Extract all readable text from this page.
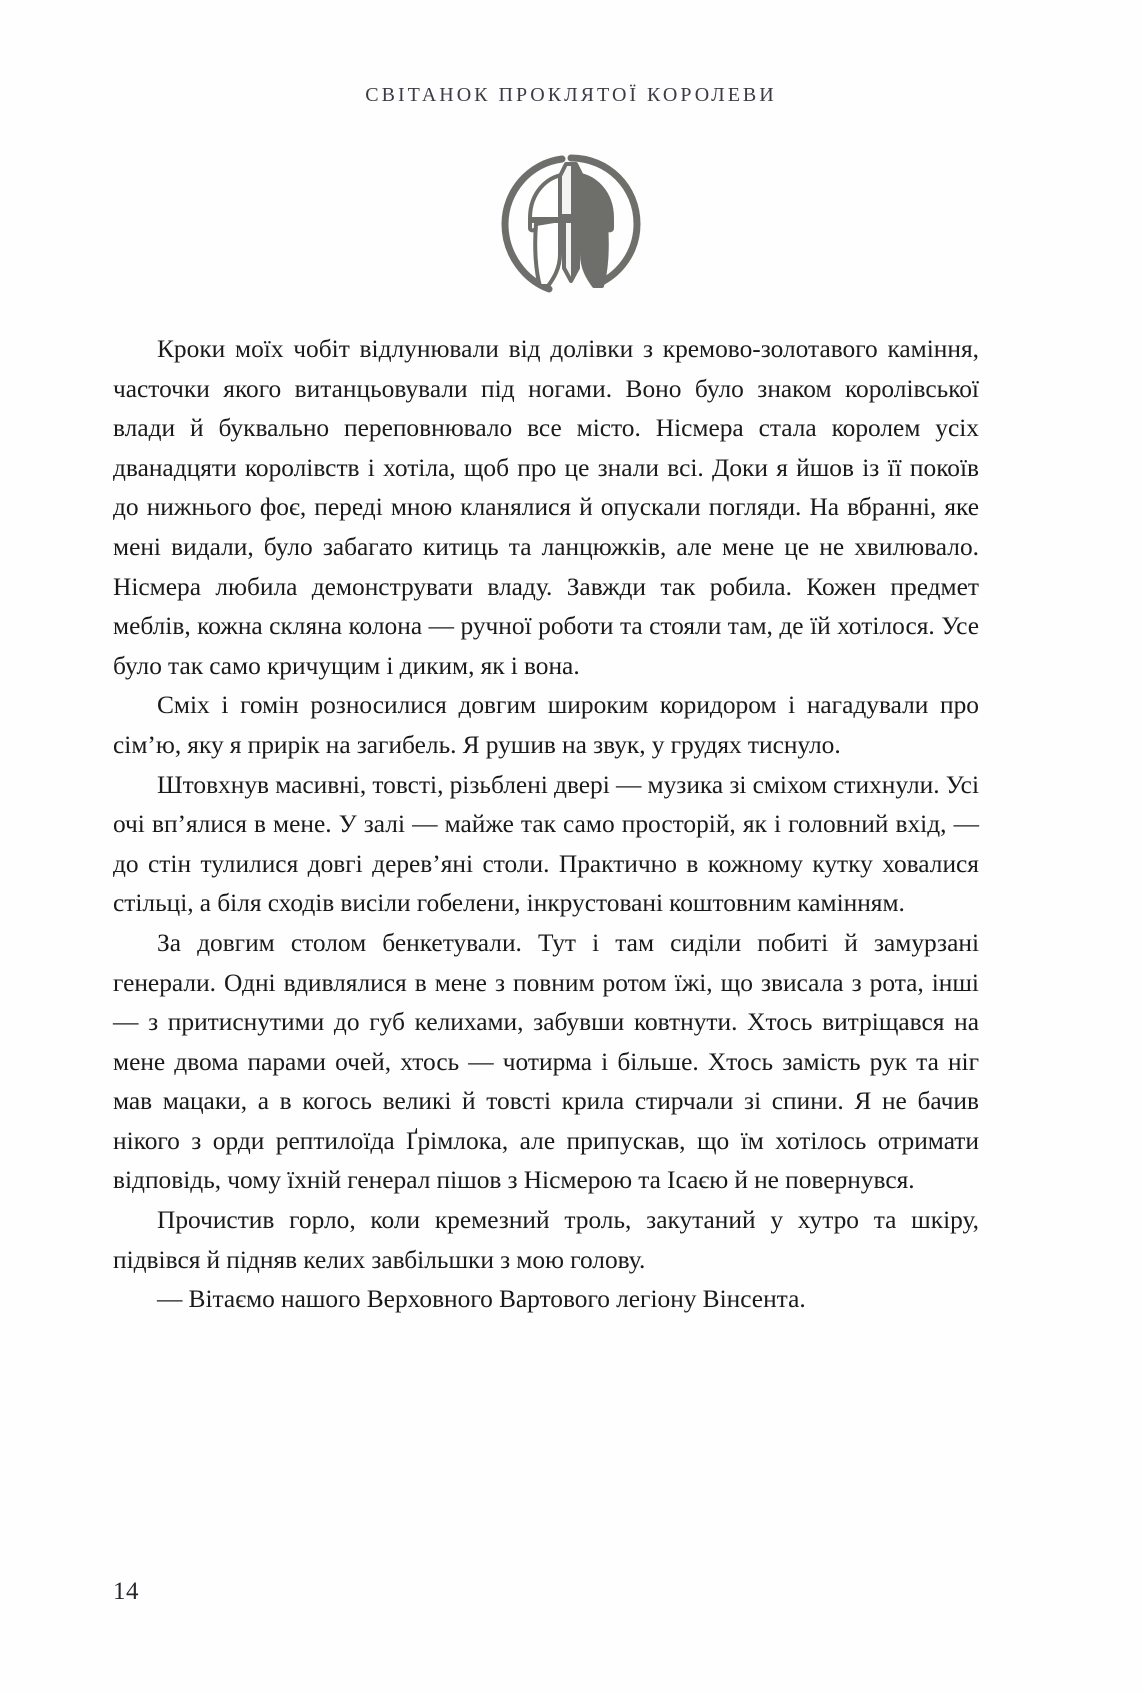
СВІТАНОК ПРОКЛЯТОЇ КОРОЛЕВИ

Кроки моїх чобіт відлунювали від долівки з кремово-золотавого каміння, часточки якого витанцьовували під ногами. Воно було знаком королівської влади й буквально переповнювало все місто. Нісмера стала королем усіх дванадцяти королівств і хотіла, щоб про це знали всі. Доки я йшов із її покоїв до нижнього фоє, переді мною кланялися й опускали погляди. На вбранні, яке мені видали, було забагато китиць та ланцюжків, але мене це не хвилювало. Нісмера любила демонструвати владу. Завжди так робила. Кожен предмет меблів, кожна скляна колона — ручної роботи та стояли там, де їй хотілося. Усе було так само кричущим і диким, як і вона.

Сміх і гомін розносилися довгим широким коридором і нагадували про сім’ю, яку я прирік на загибель. Я рушив на звук, у грудях тиснуло.

Штовхнув масивні, товсті, різьблені двері — музика зі сміхом стихнули. Усі очі вп’ялися в мене. У залі — майже так само просторій, як і головний вхід, — до стін тулилися довгі дерев’яні столи. Практично в кожному кутку ховалися стільці, а біля сходів висіли гобелени, інкрустовані коштовним камінням.

За довгим столом бенкетували. Тут і там сиділи побиті й замурзані генерали. Одні вдивлялися в мене з повним ротом їжі, що звисала з рота, інші — з притиснутими до губ келихами, забувши ковтнути. Хтось витріщався на мене двома парами очей, хтось — чотирма і більше. Хтось замість рук та ніг мав мацаки, а в когось великі й товсті крила стирчали зі спини. Я не бачив нікого з орди рептилоїда Ґрімлока, але припускав, що їм хотілось отримати відповідь, чому їхній генерал пішов з Нісмерою та Ісаєю й не повернувся.

Прочистив горло, коли кремезний троль, закутаний у хутро та шкіру, підвівся й підняв келих завбільшки з мою голову.

— Вітаємо нашого Верховного Вартового легіону Вінсента.

14
